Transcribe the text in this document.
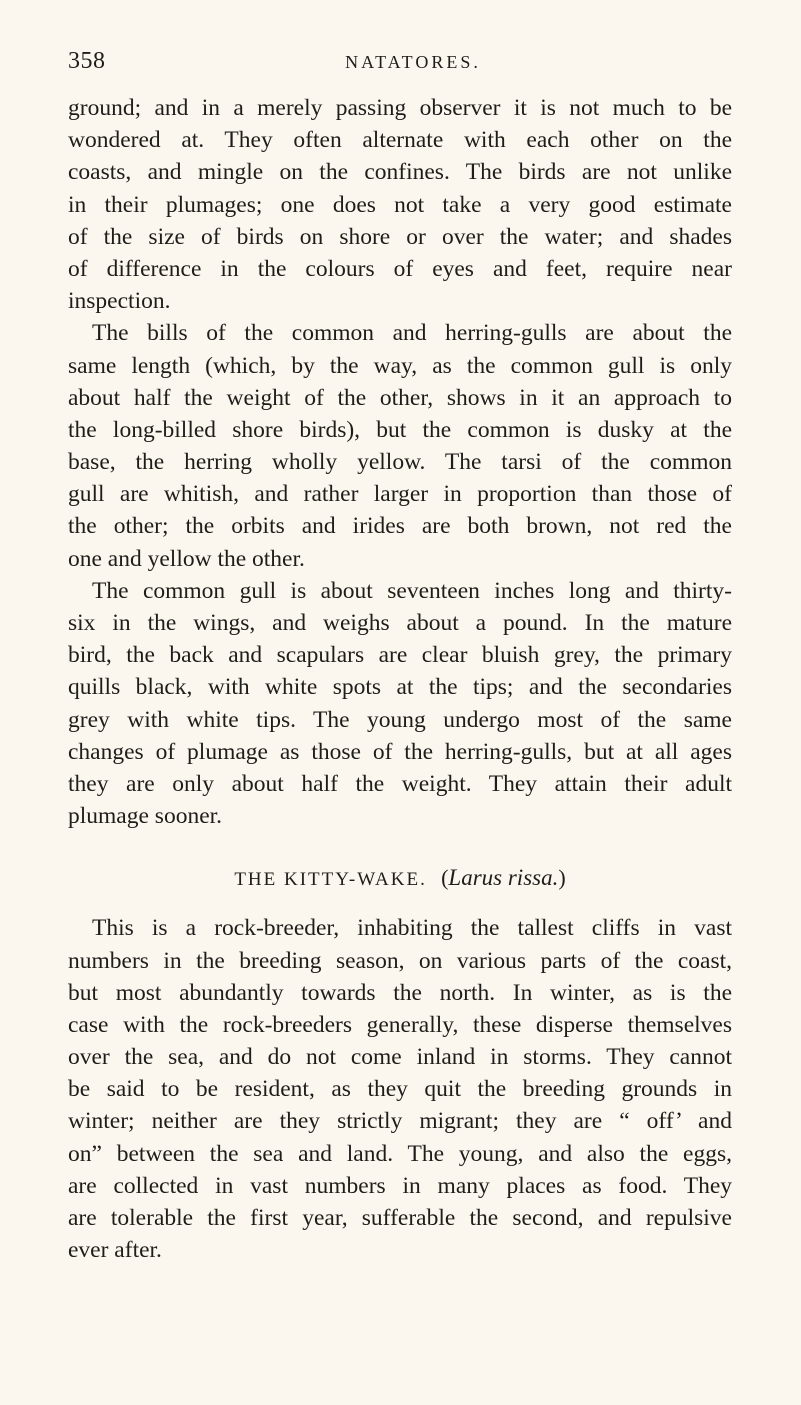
358	NATATORES.
ground; and in a merely passing observer it is not much to be
wondered at. They often alternate with each other on the
coasts, and mingle on the confines. The birds are not unlike
in their plumages; one does not take a very good estimate
of the size of birds on shore or over the water; and shades
of difference in the colours of eyes and feet, require near
inspection.
The bills of the common and herring-gulls are about the
same length (which, by the way, as the common gull is only
about half the weight of the other, shows in it an approach to
the long-billed shore birds), but the common is dusky at the
base, the herring wholly yellow. The tarsi of the common
gull are whitish, and rather larger in proportion than those of
the other; the orbits and irides are both brown, not red the
one and yellow the other.
The common gull is about seventeen inches long and thirty-
six in the wings, and weighs about a pound. In the mature
bird, the back and scapulars are clear bluish grey, the primary
quills black, with white spots at the tips; and the secondaries
grey with white tips. The young undergo most of the same
changes of plumage as those of the herring-gulls, but at all ages
they are only about half the weight. They attain their adult
plumage sooner.
THE KITTY-WAKE. (Larus rissa.)
This is a rock-breeder, inhabiting the tallest cliffs in vast
numbers in the breeding season, on various parts of the coast,
but most abundantly towards the north. In winter, as is the
case with the rock-breeders generally, these disperse themselves
over the sea, and do not come inland in storms. They cannot
be said to be resident, as they quit the breeding grounds in
winter; neither are they strictly migrant; they are “ off’ and
on” between the sea and land. The young, and also the eggs,
are collected in vast numbers in many places as food. They
are tolerable the first year, sufferable the second, and repulsive
ever after.
